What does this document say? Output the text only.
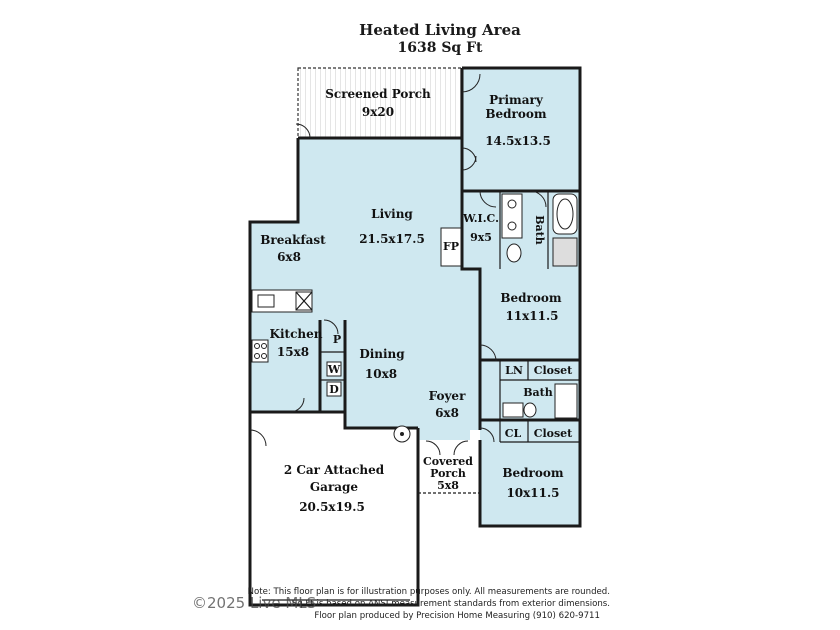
Heated Living Area
1638 Sq Ft
Screened Porch
9x20
Primary
Bedroom
14.5x13.5
Living
21.5x17.5
W.I.C.
9x5	Bath
FP
Breakfast
6x8
Kitchen
15x8
P
W
D
Dining
10x8
Bedroom
11x11.5
LN Closet
Bath
Foyer
6x8
CL Closet
Covered
Porch
5x8
Bedroom
10x11.5
2 Car Attached
Garage
20.5x19.5
Note: This floor plan is for illustration purposes only. All measurements are rounded.
Sq Ft is based on ANSI measurement standards from exterior dimensions.
Floor plan produced by Precision Home Measuring (910) 620-9711
©2025 Live MLS
